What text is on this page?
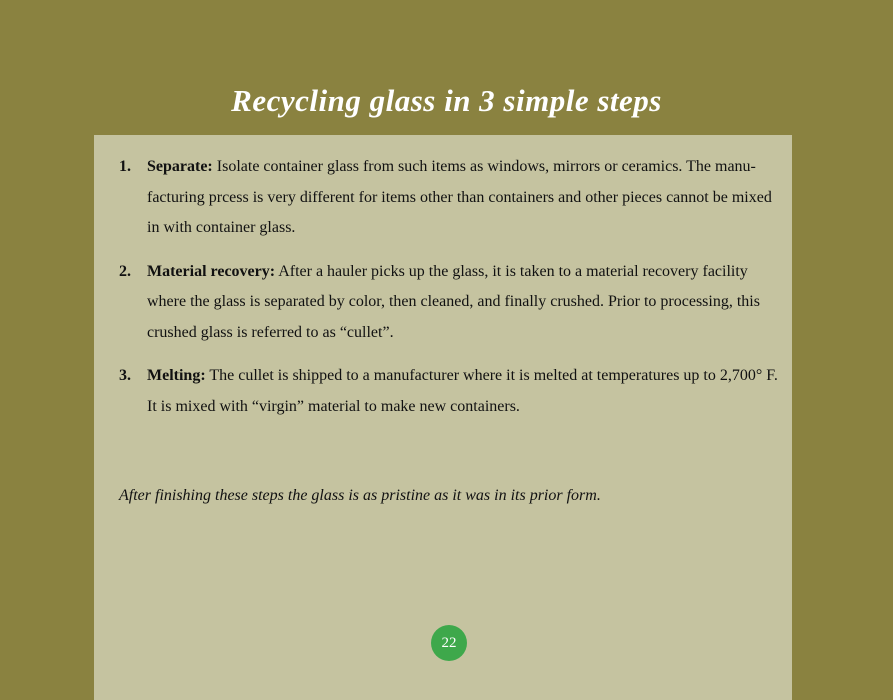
Recycling glass in 3 simple steps
1. Separate: Isolate container glass from such items as windows, mirrors or ceramics. The manu-facturing prcess is very different for items other than containers and other pieces cannot be mixed in with container glass.
2. Material recovery: After a hauler picks up the glass, it is taken to a material recovery facility where the glass is separated by color, then cleaned, and finally crushed. Prior to processing, this crushed glass is referred to as “cullet”.
3. Melting: The cullet is shipped to a manufacturer where it is melted at temperatures up to 2,700° F. It is mixed with “virgin” material to make new containers.

After finishing these steps the glass is as pristine as it was in its prior form.

22
